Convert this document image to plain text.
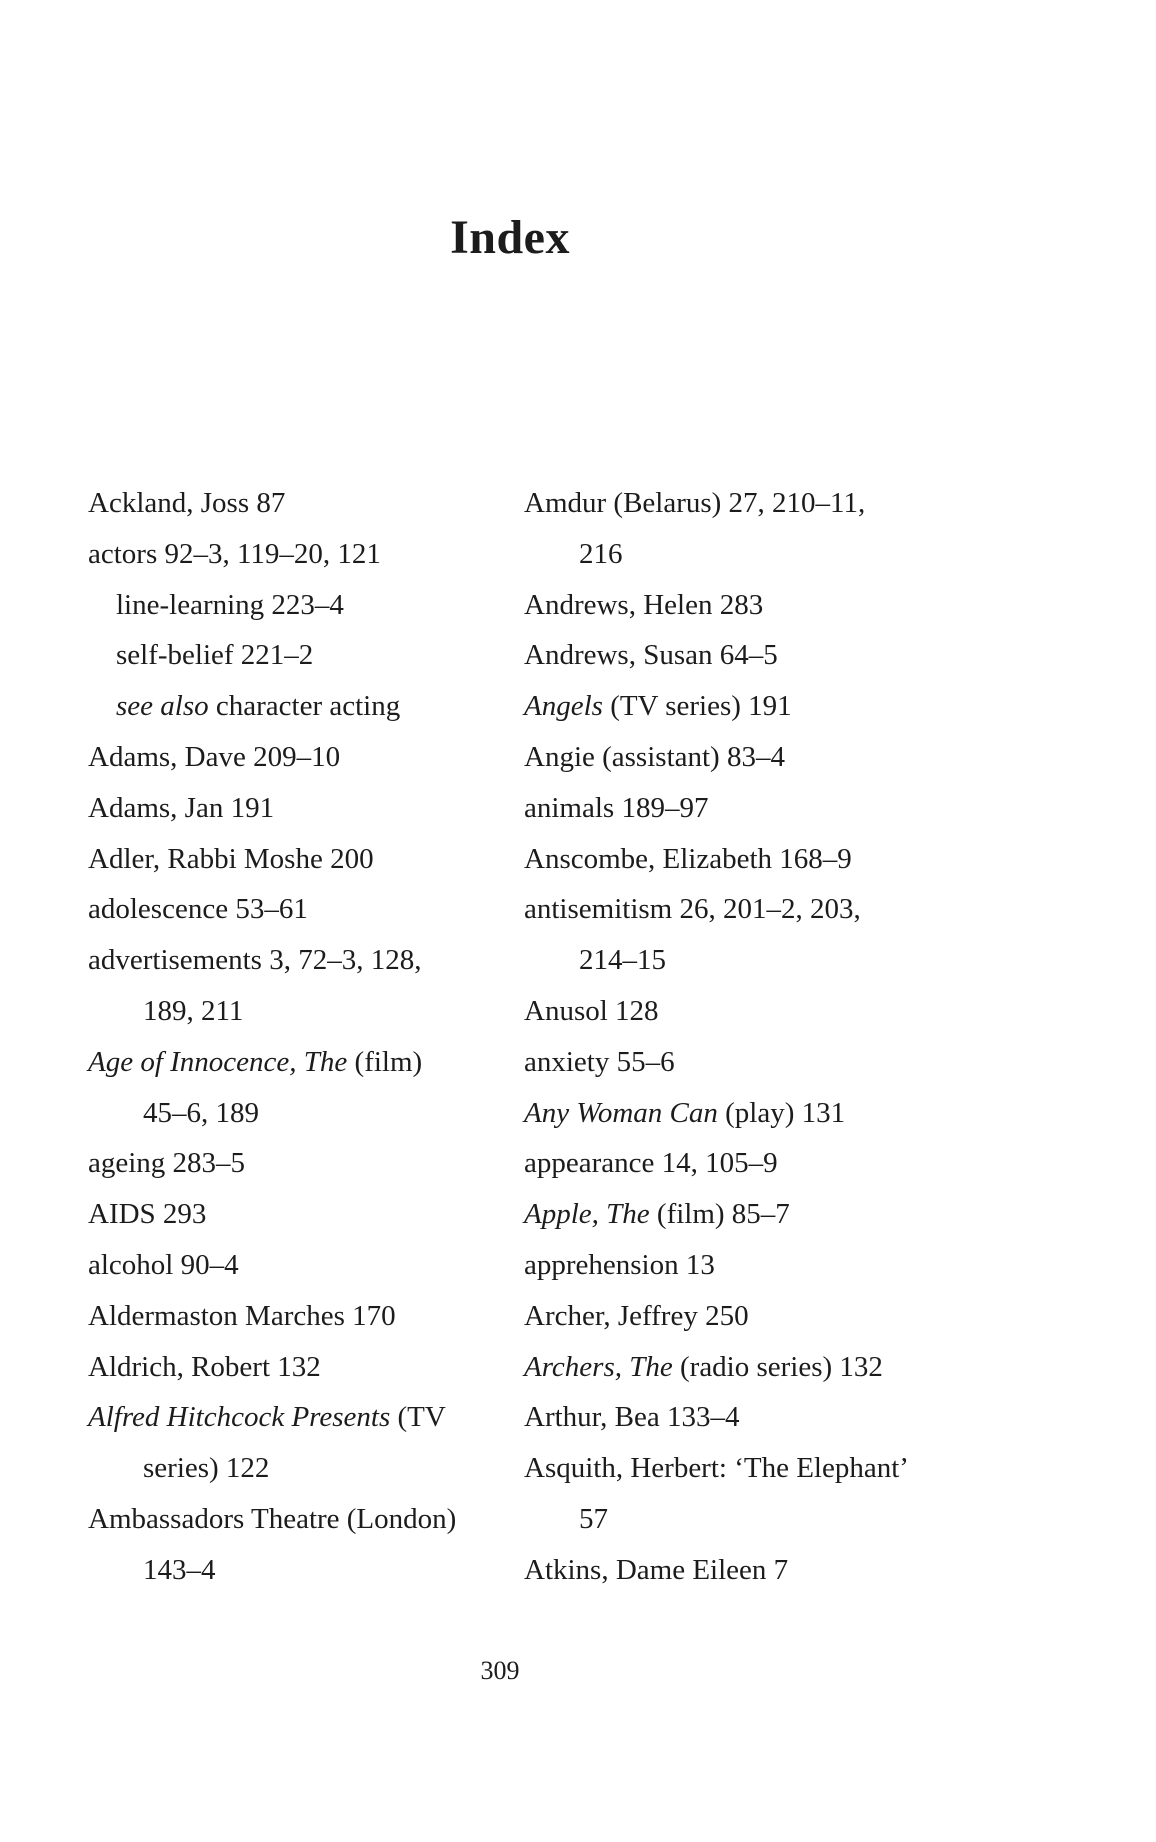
Index
Ackland, Joss 87
actors 92–3, 119–20, 121
line-learning 223–4
self-belief 221–2
see also character acting
Adams, Dave 209–10
Adams, Jan 191
Adler, Rabbi Moshe 200
adolescence 53–61
advertisements 3, 72–3, 128,
189, 211
Age of Innocence, The (film)
45–6, 189
ageing 283–5
AIDS 293
alcohol 90–4
Aldermaston Marches 170
Aldrich, Robert 132
Alfred Hitchcock Presents (TV
series) 122
Ambassadors Theatre (London)
143–4
Amdur (Belarus) 27, 210–11,
216
Andrews, Helen 283
Andrews, Susan 64–5
Angels (TV series) 191
Angie (assistant) 83–4
animals 189–97
Anscombe, Elizabeth 168–9
antisemitism 26, 201–2, 203,
214–15
Anusol 128
anxiety 55–6
Any Woman Can (play) 131
appearance 14, 105–9
Apple, The (film) 85–7
apprehension 13
Archer, Jeffrey 250
Archers, The (radio series) 132
Arthur, Bea 133–4
Asquith, Herbert: ‘The Elephant’
57
Atkins, Dame Eileen 7
309
